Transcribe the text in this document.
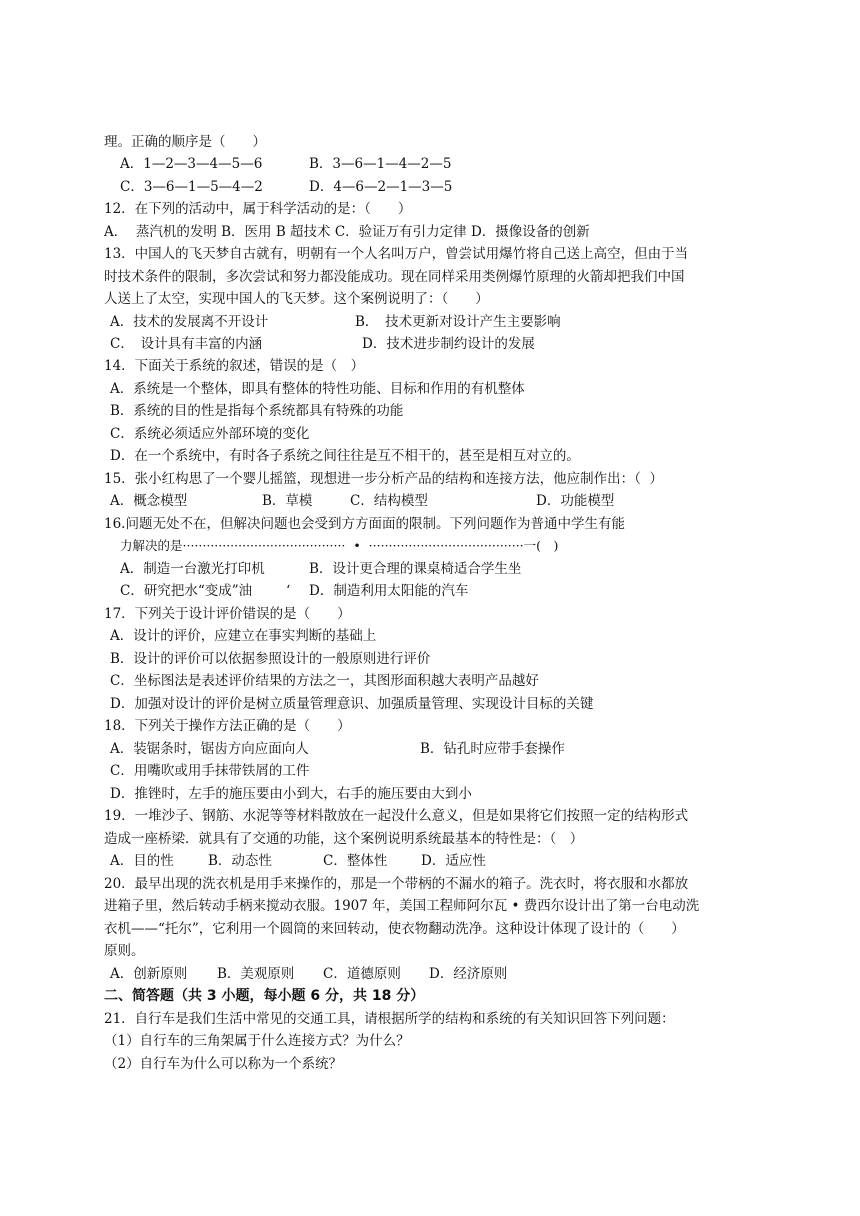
理。正确的顺序是（　　）
A．1—2—3—4—5—6	B．3—6—1—4—2—5
C．3—6—1—5—4—2	D．4—6—2—1—3—5
12．在下列的活动中，属于科学活动的是：（　　）
A．  蒸汽机的发明 B．医用 B 超技术 C．验证万有引力定律 D．摄像设备的创新
13．中国人的飞天梦自古就有，明朝有一个人名叫万户，曾尝试用爆竹将自己送上高空，但由于当
时技术条件的限制，多次尝试和努力都没能成功。现在同样采用类例爆竹原理的火箭却把我们中国
人送上了太空，实现中国人的飞天梦。这个案例说明了：（　　）
A．技术的发展离不开设计	B．　技术更新对设计产生主要影响
C．　设计具有丰富的内涵	D．技术进步制约设计的发展
14．下面关于系统的叙述，错误的是（　）
A．系统是一个整体，即具有整体的特性功能、目标和作用的有机整体
B．系统的目的性是指每个系统都具有特殊的功能
C．系统必须适应外部环境的变化
D．在一个系统中，有时各子系统之间往往是互不相干的，甚至是相互对立的。
15．张小红构思了一个婴儿摇篮，现想进一步分析产品的结构和连接方法，他应制作出：（  ）
A．概念模型	B．草模	C．结构模型	D．功能模型
16.问题无处不在，但解决问题也会受到方方面面的限制。下列问题作为普通中学生有能
力解决的是·········································  •  ·······································一(　)
A．制造一台激光打印机	B．设计更合理的课桌椅适合学生坐
C．研究把水“变成”油	‘ D．制造利用太阳能的汽车
17．下列关于设计评价错误的是（　　）
A．设计的评价，应建立在事实判断的基础上
B．设计的评价可以依据参照设计的一般原则进行评价
C．坐标图法是表述评价结果的方法之一，其图形面积越大表明产品越好
D．加强对设计的评价是树立质量管理意识、加强质量管理、实现设计目标的关键
18．下列关于操作方法正确的是（　　）
A．装锯条时，锯齿方向应面向人	B．钻孔时应带手套操作
C．用嘴吹或用手抹带铁屑的工件
D．推锉时，左手的施压要由小到大，右手的施压要由大到小
19．一堆沙子、钢筋、水泥等等材料散放在一起没什么意义，但是如果将它们按照一定的结构形式
造成一座桥梁．就具有了交通的功能，这个案例说明系统最基本的特性是：（　）
A．目的性	B．动态性	C．整体性 D．适应性
20．最早出现的洗衣机是用手来操作的，那是一个带柄的不漏水的箱子。洗衣时，将衣服和水都放
进箱子里，然后转动手柄来搅动衣服。1907 年，美国工程师阿尔瓦 • 费西尔设计出了第一台电动洗
衣机——“托尔”，它利用一个圆筒的来回转动，使衣物翻动洗净。这种设计体现了设计的（　　）
原则。
A．创新原则 B．美观原则 C．道德原则 D．经济原则
二、简答题（共 3 小题，每小题 6 分，共 18 分）
21．自行车是我们生活中常见的交通工具，请根据所学的结构和系统的有关知识回答下列问题：
（1）自行车的三角架属于什么连接方式？为什么？
（2）自行车为什么可以称为一个系统？
